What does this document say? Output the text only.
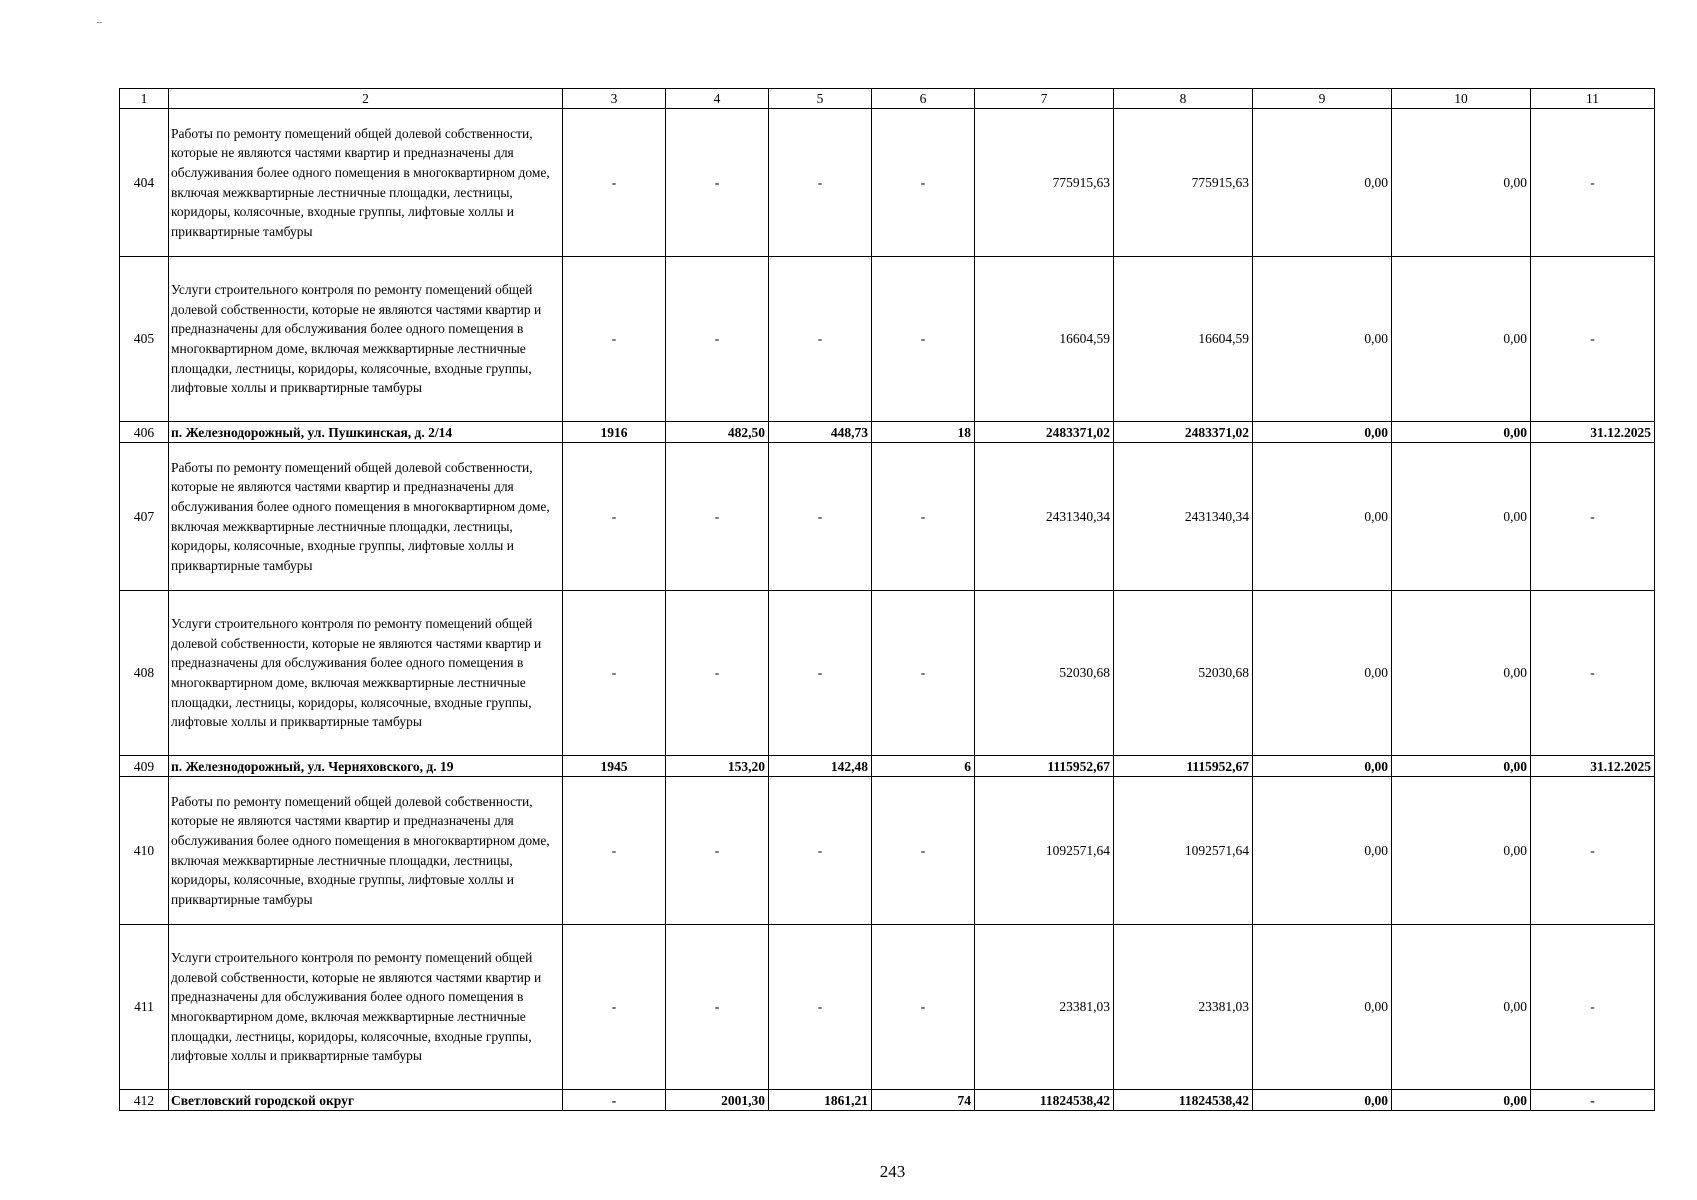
1	2	3	4	5	6	7	8	9	10	11
404	Работы по ремонту помещений общей долевой собственности, которые не являются частями квартир и предназначены для обслуживания более одного помещения в многоквартирном доме, включая межквартирные лестничные площадки, лестницы, коридоры, колясочные, входные группы, лифтовые холлы и приквартирные тамбуры	-	-	-	-	775915,63	775915,63	0,00	0,00	-
405	Услуги строительного контроля по ремонту помещений общей долевой собственности, которые не являются частями квартир и предназначены для обслуживания более одного помещения в многоквартирном доме, включая межквартирные лестничные площадки, лестницы, коридоры, колясочные, входные группы, лифтовые холлы и приквартирные тамбуры	-	-	-	-	16604,59	16604,59	0,00	0,00	-
406	п. Железнодорожный, ул. Пушкинская, д. 2/14	1916	482,50	448,73	18	2483371,02	2483371,02	0,00	0,00	31.12.2025
407	Работы по ремонту помещений общей долевой собственности, которые не являются частями квартир и предназначены для обслуживания более одного помещения в многоквартирном доме, включая межквартирные лестничные площадки, лестницы, коридоры, колясочные, входные группы, лифтовые холлы и приквартирные тамбуры	-	-	-	-	2431340,34	2431340,34	0,00	0,00	-
408	Услуги строительного контроля по ремонту помещений общей долевой собственности, которые не являются частями квартир и предназначены для обслуживания более одного помещения в многоквартирном доме, включая межквартирные лестничные площадки, лестницы, коридоры, колясочные, входные группы, лифтовые холлы и приквартирные тамбуры	-	-	-	-	52030,68	52030,68	0,00	0,00	-
409	п. Железнодорожный, ул. Черняховского, д. 19	1945	153,20	142,48	6	1115952,67	1115952,67	0,00	0,00	31.12.2025
410	Работы по ремонту помещений общей долевой собственности, которые не являются частями квартир и предназначены для обслуживания более одного помещения в многоквартирном доме, включая межквартирные лестничные площадки, лестницы, коридоры, колясочные, входные группы, лифтовые холлы и приквартирные тамбуры	-	-	-	-	1092571,64	1092571,64	0,00	0,00	-
411	Услуги строительного контроля по ремонту помещений общей долевой собственности, которые не являются частями квартир и предназначены для обслуживания более одного помещения в многоквартирном доме, включая межквартирные лестничные площадки, лестницы, коридоры, колясочные, входные группы, лифтовые холлы и приквартирные тамбуры	-	-	-	-	23381,03	23381,03	0,00	0,00	-
412	Светловский городской округ	-	2001,30	1861,21	74	11824538,42	11824538,42	0,00	0,00	-
243
